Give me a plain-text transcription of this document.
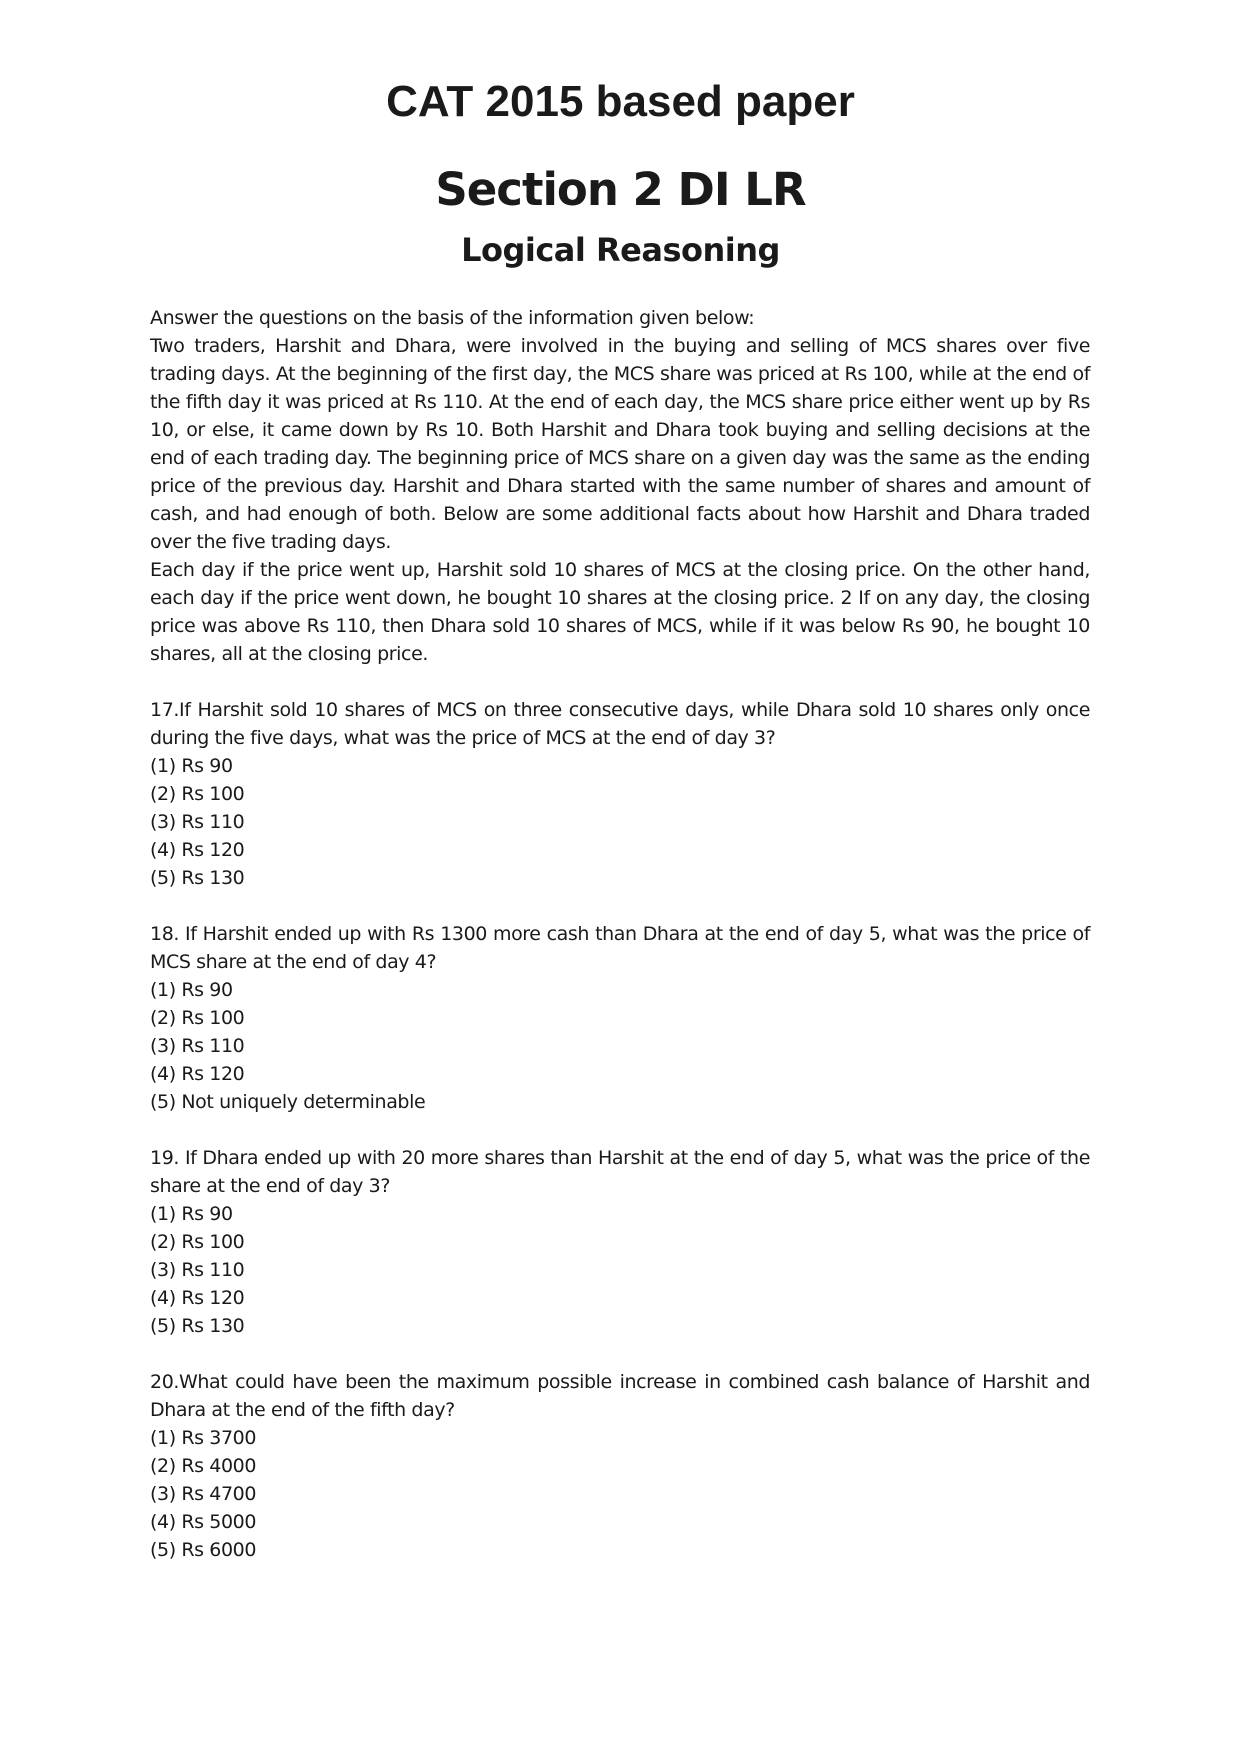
CAT 2015 based paper
Section 2 DI LR
Logical Reasoning

Answer the questions on the basis of the information given below:

Two traders, Harshit and Dhara, were involved in the buying and selling of MCS shares over five trading days. At the beginning of the first day, the MCS share was priced at Rs 100, while at the end of the fifth day it was priced at Rs 110. At the end of each day, the MCS share price either went up by Rs 10, or else, it came down by Rs 10. Both Harshit and Dhara took buying and selling decisions at the end of each trading day. The beginning price of MCS share on a given day was the same as the ending price of the previous day. Harshit and Dhara started with the same number of shares and amount of cash, and had enough of both. Below are some additional facts about how Harshit and Dhara traded over the five trading days.

Each day if the price went up, Harshit sold 10 shares of MCS at the closing price. On the other hand, each day if the price went down, he bought 10 shares at the closing price. 2 If on any day, the closing price was above Rs 110, then Dhara sold 10 shares of MCS, while if it was below Rs 90, he bought 10 shares, all at the closing price.

17.If Harshit sold 10 shares of MCS on three consecutive days, while Dhara sold 10 shares only once during the five days, what was the price of MCS at the end of day 3?

(1) Rs 90
(2) Rs 100
(3) Rs 110
(4) Rs 120
(5) Rs 130

18. If Harshit ended up with Rs 1300 more cash than Dhara at the end of day 5, what was the price of MCS share at the end of day 4?

(1) Rs 90
(2) Rs 100
(3) Rs 110
(4) Rs 120
(5) Not uniquely determinable

19. If Dhara ended up with 20 more shares than Harshit at the end of day 5, what was the price of the share at the end of day 3?

(1) Rs 90
(2) Rs 100
(3) Rs 110
(4) Rs 120
(5) Rs 130

20.What could have been the maximum possible increase in combined cash balance of Harshit and Dhara at the end of the fifth day?

(1) Rs 3700
(2) Rs 4000
(3) Rs 4700
(4) Rs 5000
(5) Rs 6000
